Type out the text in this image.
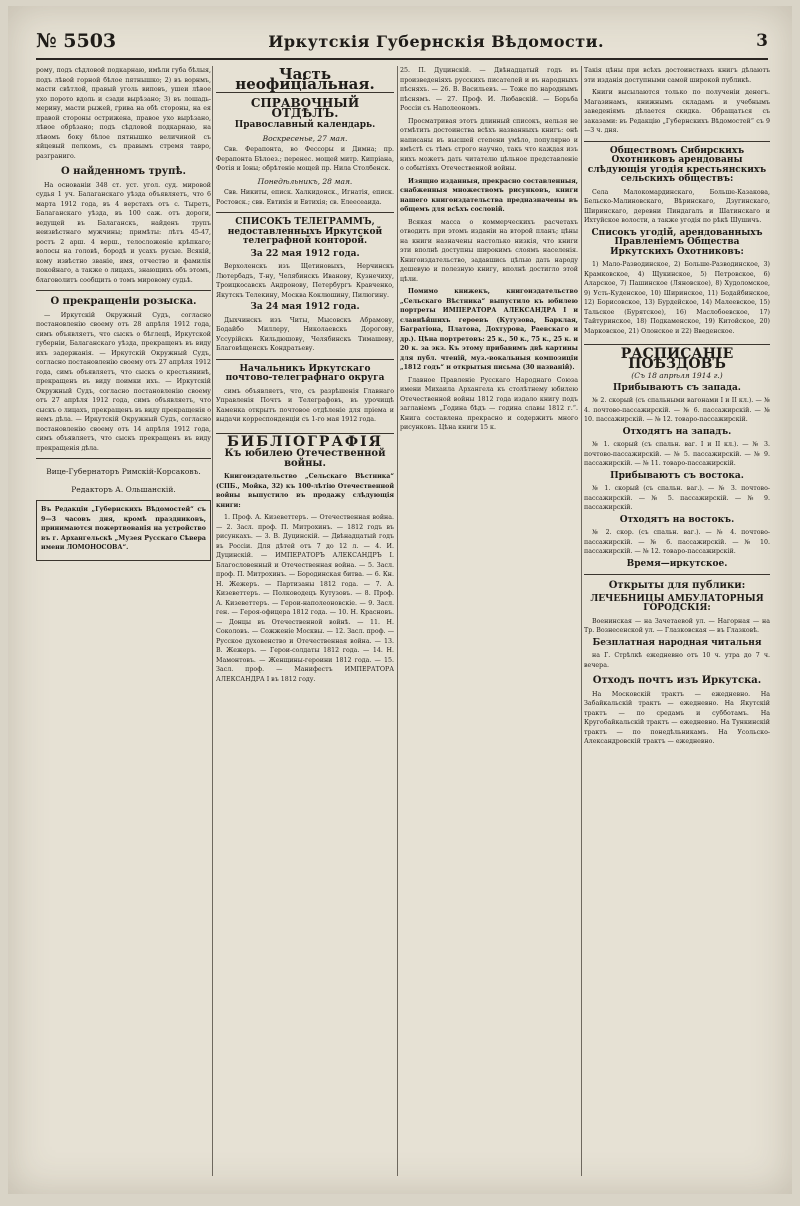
№ 5503	Иркутскія Губернскія Вѣдомости.	3

рому, подъ сѣдловой подкарнаю, имѣли губа бѣлыя, подъ лѣвой горной бѣлое пятнышко; 2) въ ворнмъ, масти свѣтлой, правый уголь виповъ, ушеи лѣвое ухо порото вдоль и сзади вырѣзано; 3) въ лошадь-мерину, масти рыжей, грива на обѣ стороны, на ея правой стороны острижена, правое ухо вырѣзано, лѣвое обрѣзано; подъ сѣдловой подкарнаю, на лѣвомъ боку бѣлое пятнышко величиной съ яйцевый пелкомъ, съ правымъ стремя тавро, разграниго.

О найденномъ трупѣ.

На основаніи 348 ст. уст. угол. суд. мировой судья 1 уч. Балаганскаго уѣзда объявляетъ, что 6 марта 1912 года, въ 4 верстахъ отъ с. Тыретъ, Балаганскаго уѣзда, въ 100 саж. отъ дороги, ведущей въ Балаганскъ, найденъ трупъ неизвѣстнаго мужчины; примѣты: лѣтъ 45-47, ростъ 2 арш. 4 верш., телосложеніе крѣпкаго; волосы на головѣ, бородѣ и усахъ русые. Всякій, кому извѣстно званіе, имя, отчество и фамилія покойнаго, а также о лицахъ, знающихъ объ этомъ, благоволитъ сообщить о томъ мировому судьѣ.

О прекращеніи розыска.

— Иркутскій Окружный Судъ, согласно постановленію своему отъ 28 апрѣля 1912 года, симъ объявляетъ, что сыскъ о бѣглецѣ, Иркутской губерніи, Балаганскаго уѣзда, прекращенъ въ виду ихъ задержанія. — Иркутскій Окружный Судъ, согласно постановленію своему отъ 27 апрѣля 1912 года, симъ объявляетъ, что сыскъ о крестьянинѣ, прекращенъ въ виду поимки ихъ. — Иркутскій Окружный Судъ, согласно постановленію своему отъ 27 апрѣля 1912 года, симъ объявляетъ, что сыскъ о лицахъ, прекращенъ въ виду прекращенія о немъ дѣла. — Иркутскій Окружный Судъ, согласно постановленію своему отъ 14 апрѣля 1912 года, симъ объявляетъ, что сыскъ прекращенъ въ виду прекращенія дѣла.

Вице-Губернаторъ Римскій-Корсаковъ.

Редакторъ А. Ольшанскій.

Въ Редакціи „Губернскихъ Вѣдомостей“ съ 9—3 часовъ дня, кромѣ праздниковъ, принимаются пожертвованія на устройство въ г. Архангельскѣ „Музея Русскаго Сѣвера имени ЛОМОНОСОВА“.

Часть неофиціальная.
СПРАВОЧНЫЙ ОТДѢЛЪ.
Православный календарь.
Воскресенье, 27 мая.

Свв. Ферапонта, во Фессоры и Димна; пр. Ферапонта Бѣлоез.; перенес. мощей митр. Кипріана, Фотія и Іоны; обрѣтеніе мощей пр. Нила Столбенск.

Понедѣльникъ, 28 мая.

Свв. Никиты, еписк. Халкидонск., Игнатія, еписк. Ростовск.; свв. Евтихія и Евтихія; св. Елеесеаида.

СПИСОКЪ ТЕЛЕГРАММЪ, недоставленныхъ Иркутской телеграфной конторой.
За 22 мая 1912 года.

Верхоленскъ изъ Щетиновыхъ, Нерчинскъ Лютербадъ, Т-ну, Челябинскъ Иванову, Кузнечиху, Троицкосавскъ Андронову, Петербургъ Кравченко, Якутскъ Телекину, Москва Коклюшину, Пилюгину.

За 24 мая 1912 года.

Дыхчинскъ изъ Читы, Мысовскъ Абрамову, Бодайбо Миллеру, Николаевскъ Дорогову, Уссурійскъ Кильдюшову, Челябинскъ Тимашеву, Благовѣщенскъ Кондратьеву.

Начальникъ Иркутскаго почтово-телеграфнаго округа

симъ объявляетъ, что, съ разрѣшенія Главнаго Управленія Почтъ и Телеграфовъ, въ урочищѣ Каменка открытъ почтовое отдѣленіе для пріема и выдачи корреспонденціи съ 1-го мая 1912 года.

БИБЛІОГРАФІЯ
Къ юбилею Отечественной войны.

Книгоиздательство „Сельскаго Вѣстника“ (СПБ., Мойка, 32) къ 100-лѣтію Отечественной войны выпустило въ продажу слѣдующія книги:

1. Проф. А. Кизеветтеръ. — Отечественная война. — 2. Засл. проф. П. Митрохинъ. — 1812 годъ въ рисункахъ. — 3. В. Дуцинскій. — Двѣнадцатый годъ въ Россіи. Для дѣтей отъ 7 до 12 л. — 4. И. Дуцинскій. — ИМПЕРАТОРЪ АЛЕКСАНДРЪ I. Благословенный и Отечественная война. — 5. Засл. проф. П. Митрохинъ. — Бородинская битва. — 6. Кн. Н. Жежеръ. — Партизаны 1812 года. — 7. А. Кизеветтеръ. — Полководецъ Кутузовъ. — 8. Проф. А. Кизеветтеръ. — Герои-наполеоновскіе. — 9. Засл. ген. — Героя-офицера 1812 года. — 10. Н. Красновъ. — Донцы въ Отечественной войнѣ. — 11. Н. Соколовъ. — Сожженіе Москвы. — 12. Засл. проф. — Русское духовенство и Отечественная война. — 13. В. Жежеръ. — Герои-солдаты 1812 года. — 14. Н. Мамонтовъ. — Женщины-героини 1812 года. — 15. Засл. проф. — Манифестъ ИМПЕРАТОРА АЛЕКСАНДРА I въ 1812 году.

25. П. Дуцинскій. — Двѣнадцатый годъ въ произведеніяхъ русскихъ писателей и въ народныхъ пѣсняхъ. — 26. В. Васильевъ. — Тоже по народнымъ пѣснямъ. — 27. Проф. И. Любавскій. — Борьба Россіи съ Наполеономъ.

Просматривая этотъ длинный списокъ, нельзя не отмѣтить достоинства всѣхъ названныхъ книгъ: онѣ написаны въ высшей степени умѣло, популярно и вмѣстѣ съ тѣмъ строго научно, такъ что каждая изъ нихъ можетъ дать читателю цѣльное представленіе о событіяхъ Отечественной войны.

Изящно изданныя, прекрасно составленныя, снабженныя множествомъ рисунковъ, книги нашего книгоиздательства предназначены въ общемъ для всѣхъ сословій.

Всякая масса о коммерческихъ расчетахъ отводитъ при этомъ изданіи на второй планъ; цѣны на книги назначены настолько низкія, что книги эти вполнѣ доступны широкимъ слоямъ населенія. Книгоиздательство, задавшись цѣлью дать народу дешевую и полезную книгу, вполнѣ достигло этой цѣли.

Помимо книжекъ, книгоиздательство „Сельскаго Вѣстника“ выпустило къ юбилею портреты ИМПЕРАТОРА АЛЕКСАНДРА I и славнѣйшихъ героевъ (Кутузова, Барклая, Багратіона, Платова, Дохтурова, Раевскаго и др.). Цѣна портретовъ: 25 к., 50 к., 75 к., 25 к. и 20 к. за экз. Къ этому прибавимъ двѣ картины для публ. чтеній, муз.-вокальныя композиціи „1812 годъ“ и открытыя письма (30 названій).

Главное Правленіе Русскаго Народнаго Союза имени Михаила Архангела къ столѣтнему юбилею Отечественной войны 1812 года издало книгу подъ заглавіемъ „Година бѣдъ — година славы 1812 г.“. Книга составлена прекрасно и содержитъ много рисунковъ. Цѣна книги 15 к.

Такія цѣны при всѣхъ достоинствахъ книгъ дѣлаютъ эти изданія доступными самой широкой публикѣ.

Книги высылаются только по полученіи денегъ. Магазинамъ, книжнымъ складамъ и учебнымъ заведеніямъ дѣлается скидка. Обращаться съ заказами: въ Редакцію „Губернскихъ Вѣдомостей“ съ 9—3 ч. дня.

Обществомъ Сибирскихъ Охотниковъ арендованы слѣдующія угодія крестьянскихъ сельскихъ обществъ:

Села Малокомардинскаго, Больше-Казакова, Бельско-Малиновскаго, Вѣринскаго, Дзугинскаго, Ширинскаго, деревни Пиндагалъ и Шатинскаго и Ихтуйское волости, а также угодія по рѣкѣ Шушичъ.

Списокъ угодій, арендованныхъ Правленіемъ Общества Иркутскихъ Охотниковъ:

1) Мало-Разводинское, 2) Больше-Разводинское, 3) Крамковское, 4) Щукинское, 5) Петровское, 6) Аларское, 7) Пашинское (Ляновское), 8) Худоломское, 9) Усть-Куденское, 10) Ширинское, 11) Бодайбинское, 12) Борисовское, 13) Бурдейское, 14) Малеевское, 15) Тальское (Бурятское), 16) Маслобоевское, 17) Тайтуринское, 18) Подкаменское, 19) Китойское, 20) Марковское, 21) Олонское и 22) Введенское.

РАСПИСАНІЕ ПОѢЗДОВЪ
(Съ 18 апрѣля 1914 г.)
Прибываютъ съ запада.

№ 2. скорый (съ спальными вагонами I и II кл.). — № 4. почтово-пассажирскій. — № 6. пассажирскій. — № 10. пассажирскій. — № 12. товаро-пассажирскій.

Отходятъ на западъ.

№ 1. скорый (съ спальн. ваг. I и II кл.). — № 3. почтово-пассажирскій. — № 5. пассажирскій. — № 9. пассажирскій. — № 11. товаро-пассажирскій.

Прибываютъ съ востока.

№ 1. скорый (съ спальн. ваг.). — № 3. почтово-пассажирскій. — № 5. пассажирскій. — № 9. пассажирскій.

Отходятъ на востокъ.

№ 2. скор. (съ спальн. ваг.). — № 4. почтово-пассажирскій. — № 6. пассажирскій. — № 10. пассажирскій. — № 12. товаро-пассажирскій.

Время—иркутское.
Открыты для публики:
ЛЕЧЕБНИЦЫ АМБУЛАТОРНЫЯ ГОРОДСКІЯ:

Военинская — на Зачетаевой ул. — Нагорная — на Тр. Вознесенской ул. — Глазковская — въ Глазковѣ.

Безплатная народная читальня

на Г. Стрѣлкѣ ежедневно отъ 10 ч. утра до 7 ч. вечера.

Отходъ почтъ изъ Иркутска.

На Московскій трактъ — ежедневно. На Забайкальскій трактъ — ежедневно. На Якутскій трактъ — по средамъ и субботамъ. На Кругобайкальскій трактъ — ежедневно. На Тункинскій трактъ — по понедѣльникамъ. На Усольско-Александровскій трактъ — ежедневно.
